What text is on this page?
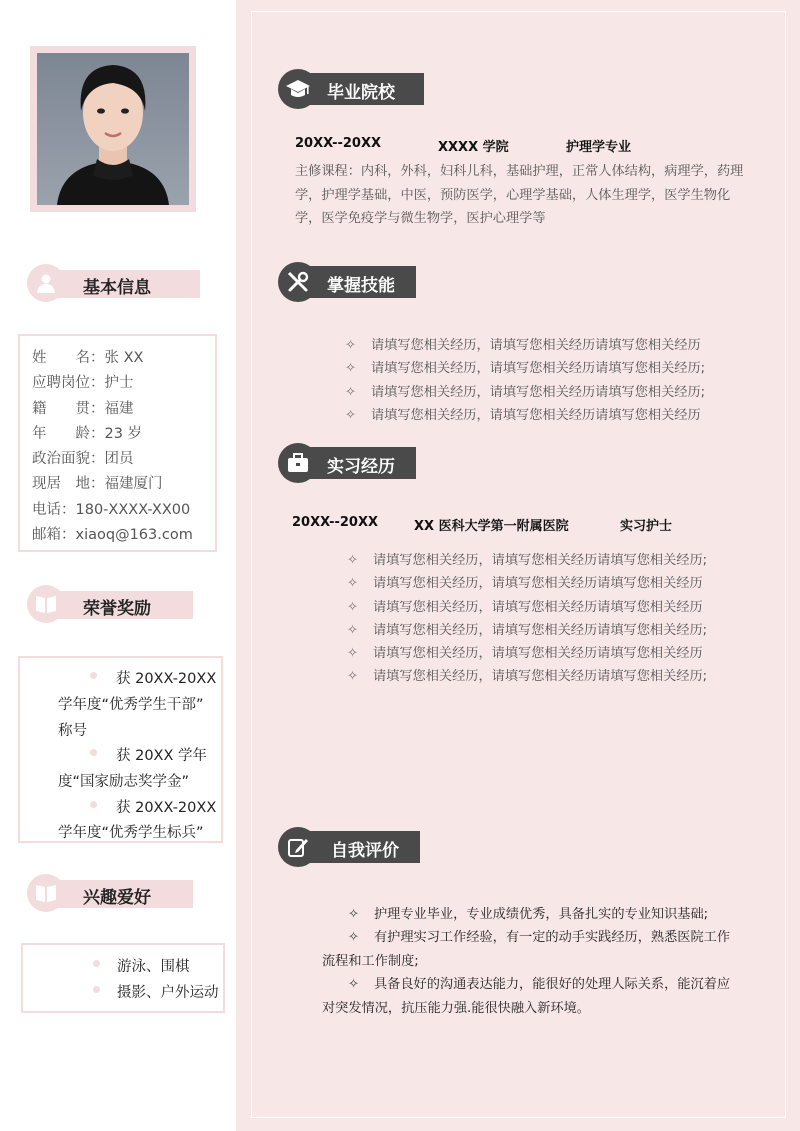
基本信息
姓　　名：张 XX
应聘岗位：护士
籍　　贯：福建
年　　龄：23 岁
政治面貌：团员
现居　地：福建厦门
电话：180-XXXX-XX00
邮箱：xiaoq@163.com
荣誉奖励
获 20XX-20XX
学年度“优秀学生干部”
称号
获 20XX 学年
度“国家励志奖学金”
获 20XX-20XX
学年度“优秀学生标兵”
兴趣爱好
游泳、围棋
摄影、户外运动
毕业院校
20XX--20XX	XXXX 学院	护理学专业
主修课程：内科，外科，妇科儿科，基础护理，正常人体结构，病理学，药理学，护理学基础，中医，预防医学，心理学基础，人体生理学，医学生物化学，医学免疫学与微生物学，医护心理学等
掌握技能
✧ 请填写您相关经历，请填写您相关经历请填写您相关经历
✧ 请填写您相关经历，请填写您相关经历请填写您相关经历;
✧ 请填写您相关经历，请填写您相关经历请填写您相关经历;
✧ 请填写您相关经历，请填写您相关经历请填写您相关经历
实习经历
20XX--20XX	XX 医科大学第一附属医院	实习护士
✧ 请填写您相关经历，请填写您相关经历请填写您相关经历;
✧ 请填写您相关经历，请填写您相关经历请填写您相关经历
✧ 请填写您相关经历，请填写您相关经历请填写您相关经历
✧ 请填写您相关经历，请填写您相关经历请填写您相关经历;
✧ 请填写您相关经历，请填写您相关经历请填写您相关经历
✧ 请填写您相关经历，请填写您相关经历请填写您相关经历;
自我评价
✧ 护理专业毕业，专业成绩优秀，具备扎实的专业知识基础;
✧ 有护理实习工作经验，有一定的动手实践经历，熟悉医院工作流程和工作制度;
✧ 具备良好的沟通表达能力，能很好的处理人际关系，能沉着应对突发情况，抗压能力强.能很快融入新环境。
